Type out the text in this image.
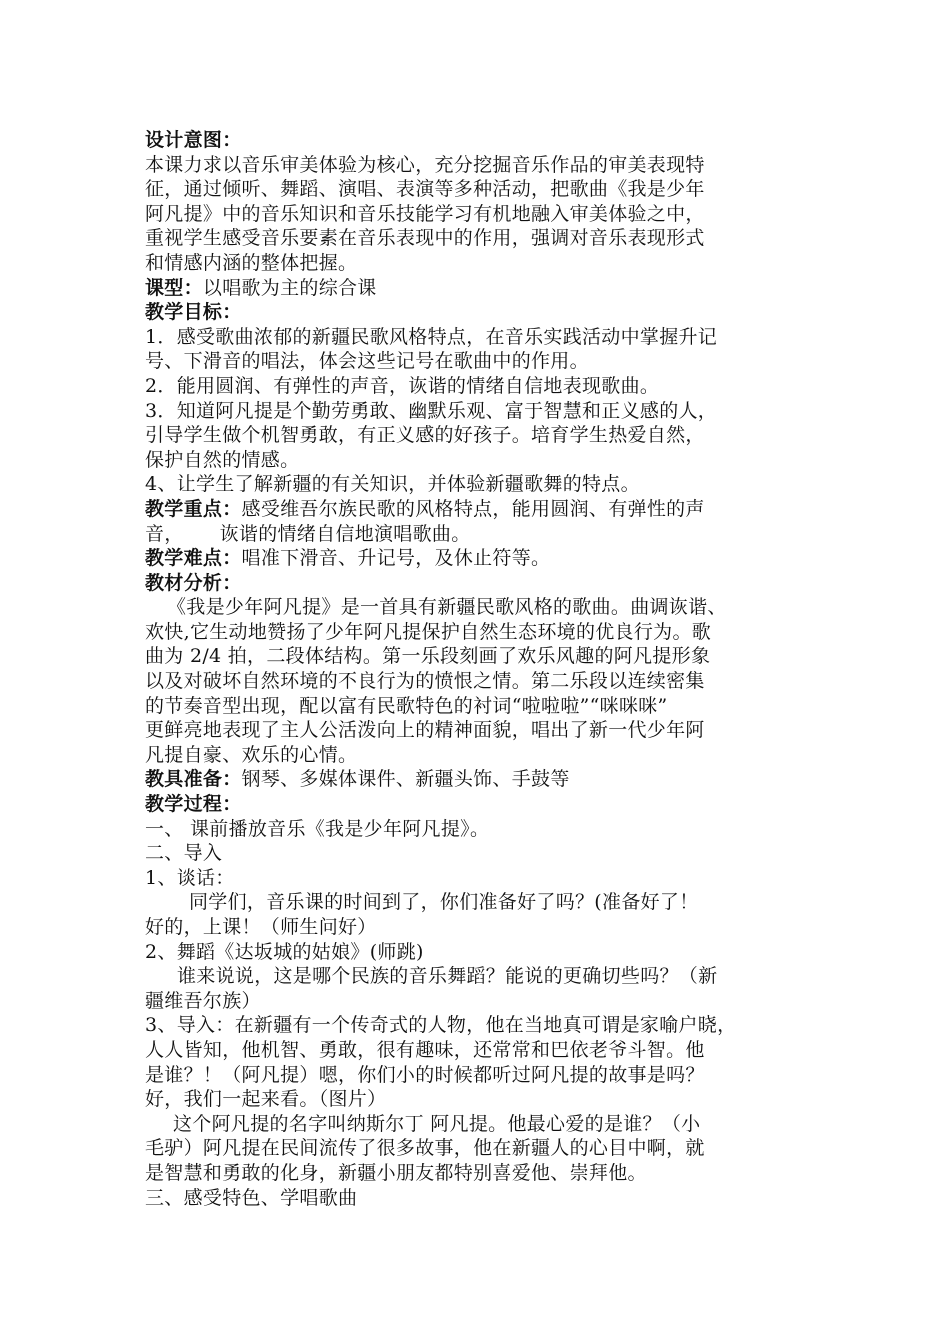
设计意图：
本课力求以音乐审美体验为核心，充分挖掘音乐作品的审美表现特
征，通过倾听、舞蹈、演唱、表演等多种活动，把歌曲《我是少年
阿凡提》中的音乐知识和音乐技能学习有机地融入审美体验之中，
重视学生感受音乐要素在音乐表现中的作用，强调对音乐表现形式
和情感内涵的整体把握。
课型：以唱歌为主的综合课
教学目标：
1．感受歌曲浓郁的新疆民歌风格特点，在音乐实践活动中掌握升记
号、下滑音的唱法，体会这些记号在歌曲中的作用。
2．能用圆润、有弹性的声音，诙谐的情绪自信地表现歌曲。
3．知道阿凡提是个勤劳勇敢、幽默乐观、富于智慧和正义感的人，
引导学生做个机智勇敢，有正义感的好孩子。培育学生热爱自然，
保护自然的情感。
4、让学生了解新疆的有关知识，并体验新疆歌舞的特点。
教学重点：感受维吾尔族民歌的风格特点，能用圆润、有弹性的声
音， 诙谐的情绪自信地演唱歌曲。
教学难点：唱准下滑音、升记号，及休止符等。
教材分析：
《我是少年阿凡提》是一首具有新疆民歌风格的歌曲。曲调诙谐、
欢快,它生动地赞扬了少年阿凡提保护自然生态环境的优良行为。歌
曲为 2/4 拍，二段体结构。第一乐段刻画了欢乐风趣的阿凡提形象
以及对破坏自然环境的不良行为的愤恨之情。第二乐段以连续密集
的节奏音型出现，配以富有民歌特色的衬词“啦啦啦”“咪咪咪”
更鲜亮地表现了主人公活泼向上的精神面貌，唱出了新一代少年阿
凡提自豪、欢乐的心情。
教具准备：钢琴、多媒体课件、新疆头饰、手鼓等
教学过程：
一、 课前播放音乐《我是少年阿凡提》。
二、导入
1、谈话：
同学们，音乐课的时间到了，你们准备好了吗？(准备好了！
好的，上课！（师生问好）
2、舞蹈《达坂城的姑娘》(师跳)
谁来说说，这是哪个民族的音乐舞蹈？能说的更确切些吗？（新
疆维吾尔族）
3、导入：在新疆有一个传奇式的人物，他在当地真可谓是家喻户晓，
人人皆知，他机智、勇敢，很有趣味，还常常和巴依老爷斗智。他
是谁？！（阿凡提）嗯，你们小的时候都听过阿凡提的故事是吗？
好，我们一起来看。（图片）
这个阿凡提的名字叫纳斯尔丁 阿凡提。他最心爱的是谁？（小
毛驴）阿凡提在民间流传了很多故事，他在新疆人的心目中啊，就
是智慧和勇敢的化身，新疆小朋友都特别喜爱他、崇拜他。
三、感受特色、学唱歌曲
